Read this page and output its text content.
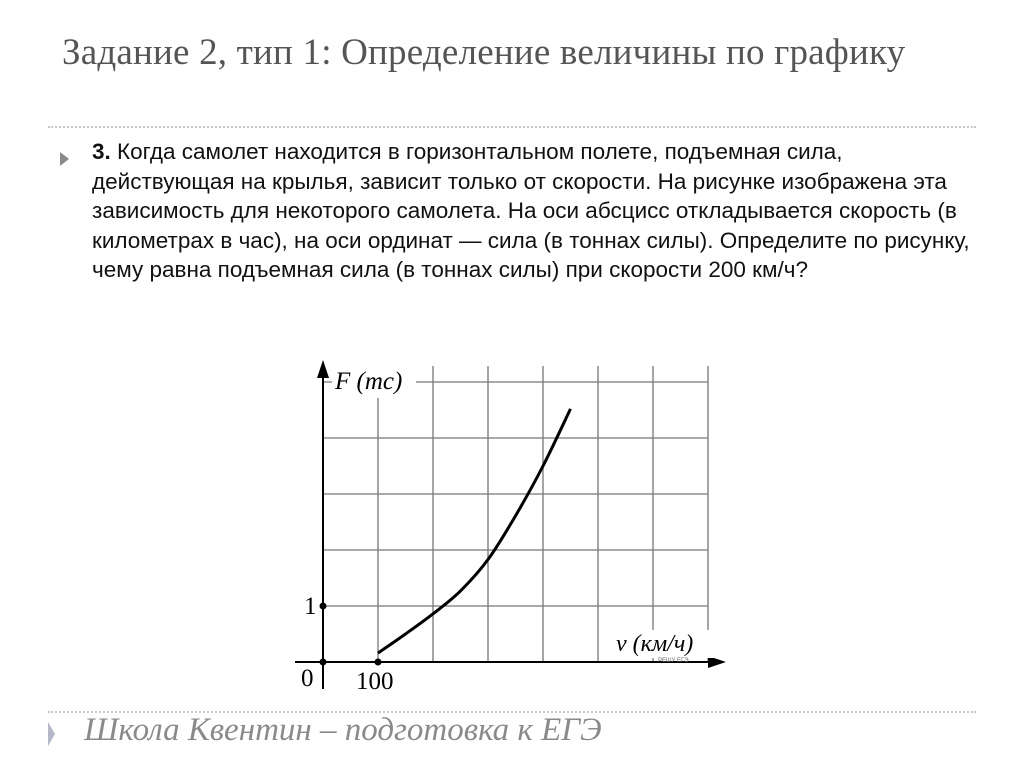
Задание 2, тип 1: Определение величины по графику
3. Когда самолет находится в горизонтальном полете, подъемная сила, действующая на крылья, зависит только от скорости. На рисунке изображена эта зависимость для некоторого самолета. На оси абсцисс откладывается скорость (в километрах в час), на оси ординат — сила (в тоннах силы). Определите по рисунку, чему равна подъемная сила (в тоннах силы) при скорости 200 км/ч?
F (mc)
v (км/ч)
РЕШУ ЕГЭ
0
1
100
Школа Квентин – подготовка к ЕГЭ
